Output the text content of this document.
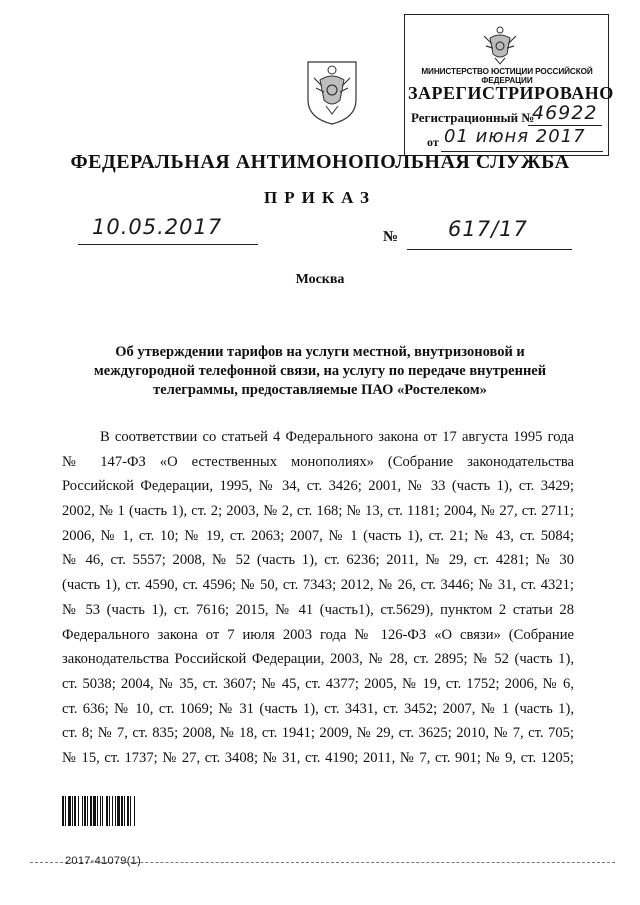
МИНИСТЕРСТВО ЮСТИЦИИ РОССИЙСКОЙ ФЕДЕРАЦИИ
ЗАРЕГИСТРИРОВАНО
Регистрационный №
46922
от 01 июня 2017
ФЕДЕРАЛЬНАЯ АНТИМОНОПОЛЬНАЯ СЛУЖБА
ПРИКАЗ
10.05.2017	№ 617/17
Москва
Об утверждении тарифов на услуги местной, внутризоновой и
междугородной телефонной связи, на услугу по передаче внутренней
телеграммы, предоставляемые ПАО «Ростелеком»
В соответствии со статьей 4 Федерального закона от 17 августа 1995 года
№ 147-ФЗ «О естественных монополиях» (Собрание законодательства
Российской Федерации, 1995, № 34, ст. 3426; 2001, № 33 (часть 1), ст. 3429;
2002, № 1 (часть 1), ст. 2; 2003, № 2, ст. 168; № 13, ст. 1181; 2004, № 27, ст. 2711;
2006, № 1, ст. 10; № 19, ст. 2063; 2007, № 1 (часть 1), ст. 21; № 43, ст. 5084;
№ 46, ст. 5557; 2008, № 52 (часть 1), ст. 6236; 2011, № 29, ст. 4281; № 30
(часть 1), ст. 4590, ст. 4596; № 50, ст. 7343; 2012, № 26, ст. 3446; № 31, ст. 4321;
№ 53 (часть 1), ст. 7616; 2015, № 41 (часть1), ст.5629), пунктом 2 статьи 28
Федерального закона от 7 июля 2003 года № 126-ФЗ «О связи» (Собрание
законодательства Российской Федерации, 2003, № 28, ст. 2895; № 52 (часть 1),
ст. 5038; 2004, № 35, ст. 3607; № 45, ст. 4377; 2005, № 19, ст. 1752; 2006, № 6,
ст. 636; № 10, ст. 1069; № 31 (часть 1), ст. 3431, ст. 3452; 2007, № 1 (часть 1),
ст. 8; № 7, ст. 835; 2008, № 18, ст. 1941; 2009, № 29, ст. 3625; 2010, № 7, ст. 705;
№ 15, ст. 1737; № 27, ст. 3408; № 31, ст. 4190; 2011, № 7, ст. 901; № 9, ст. 1205;
2017-41079(1)
